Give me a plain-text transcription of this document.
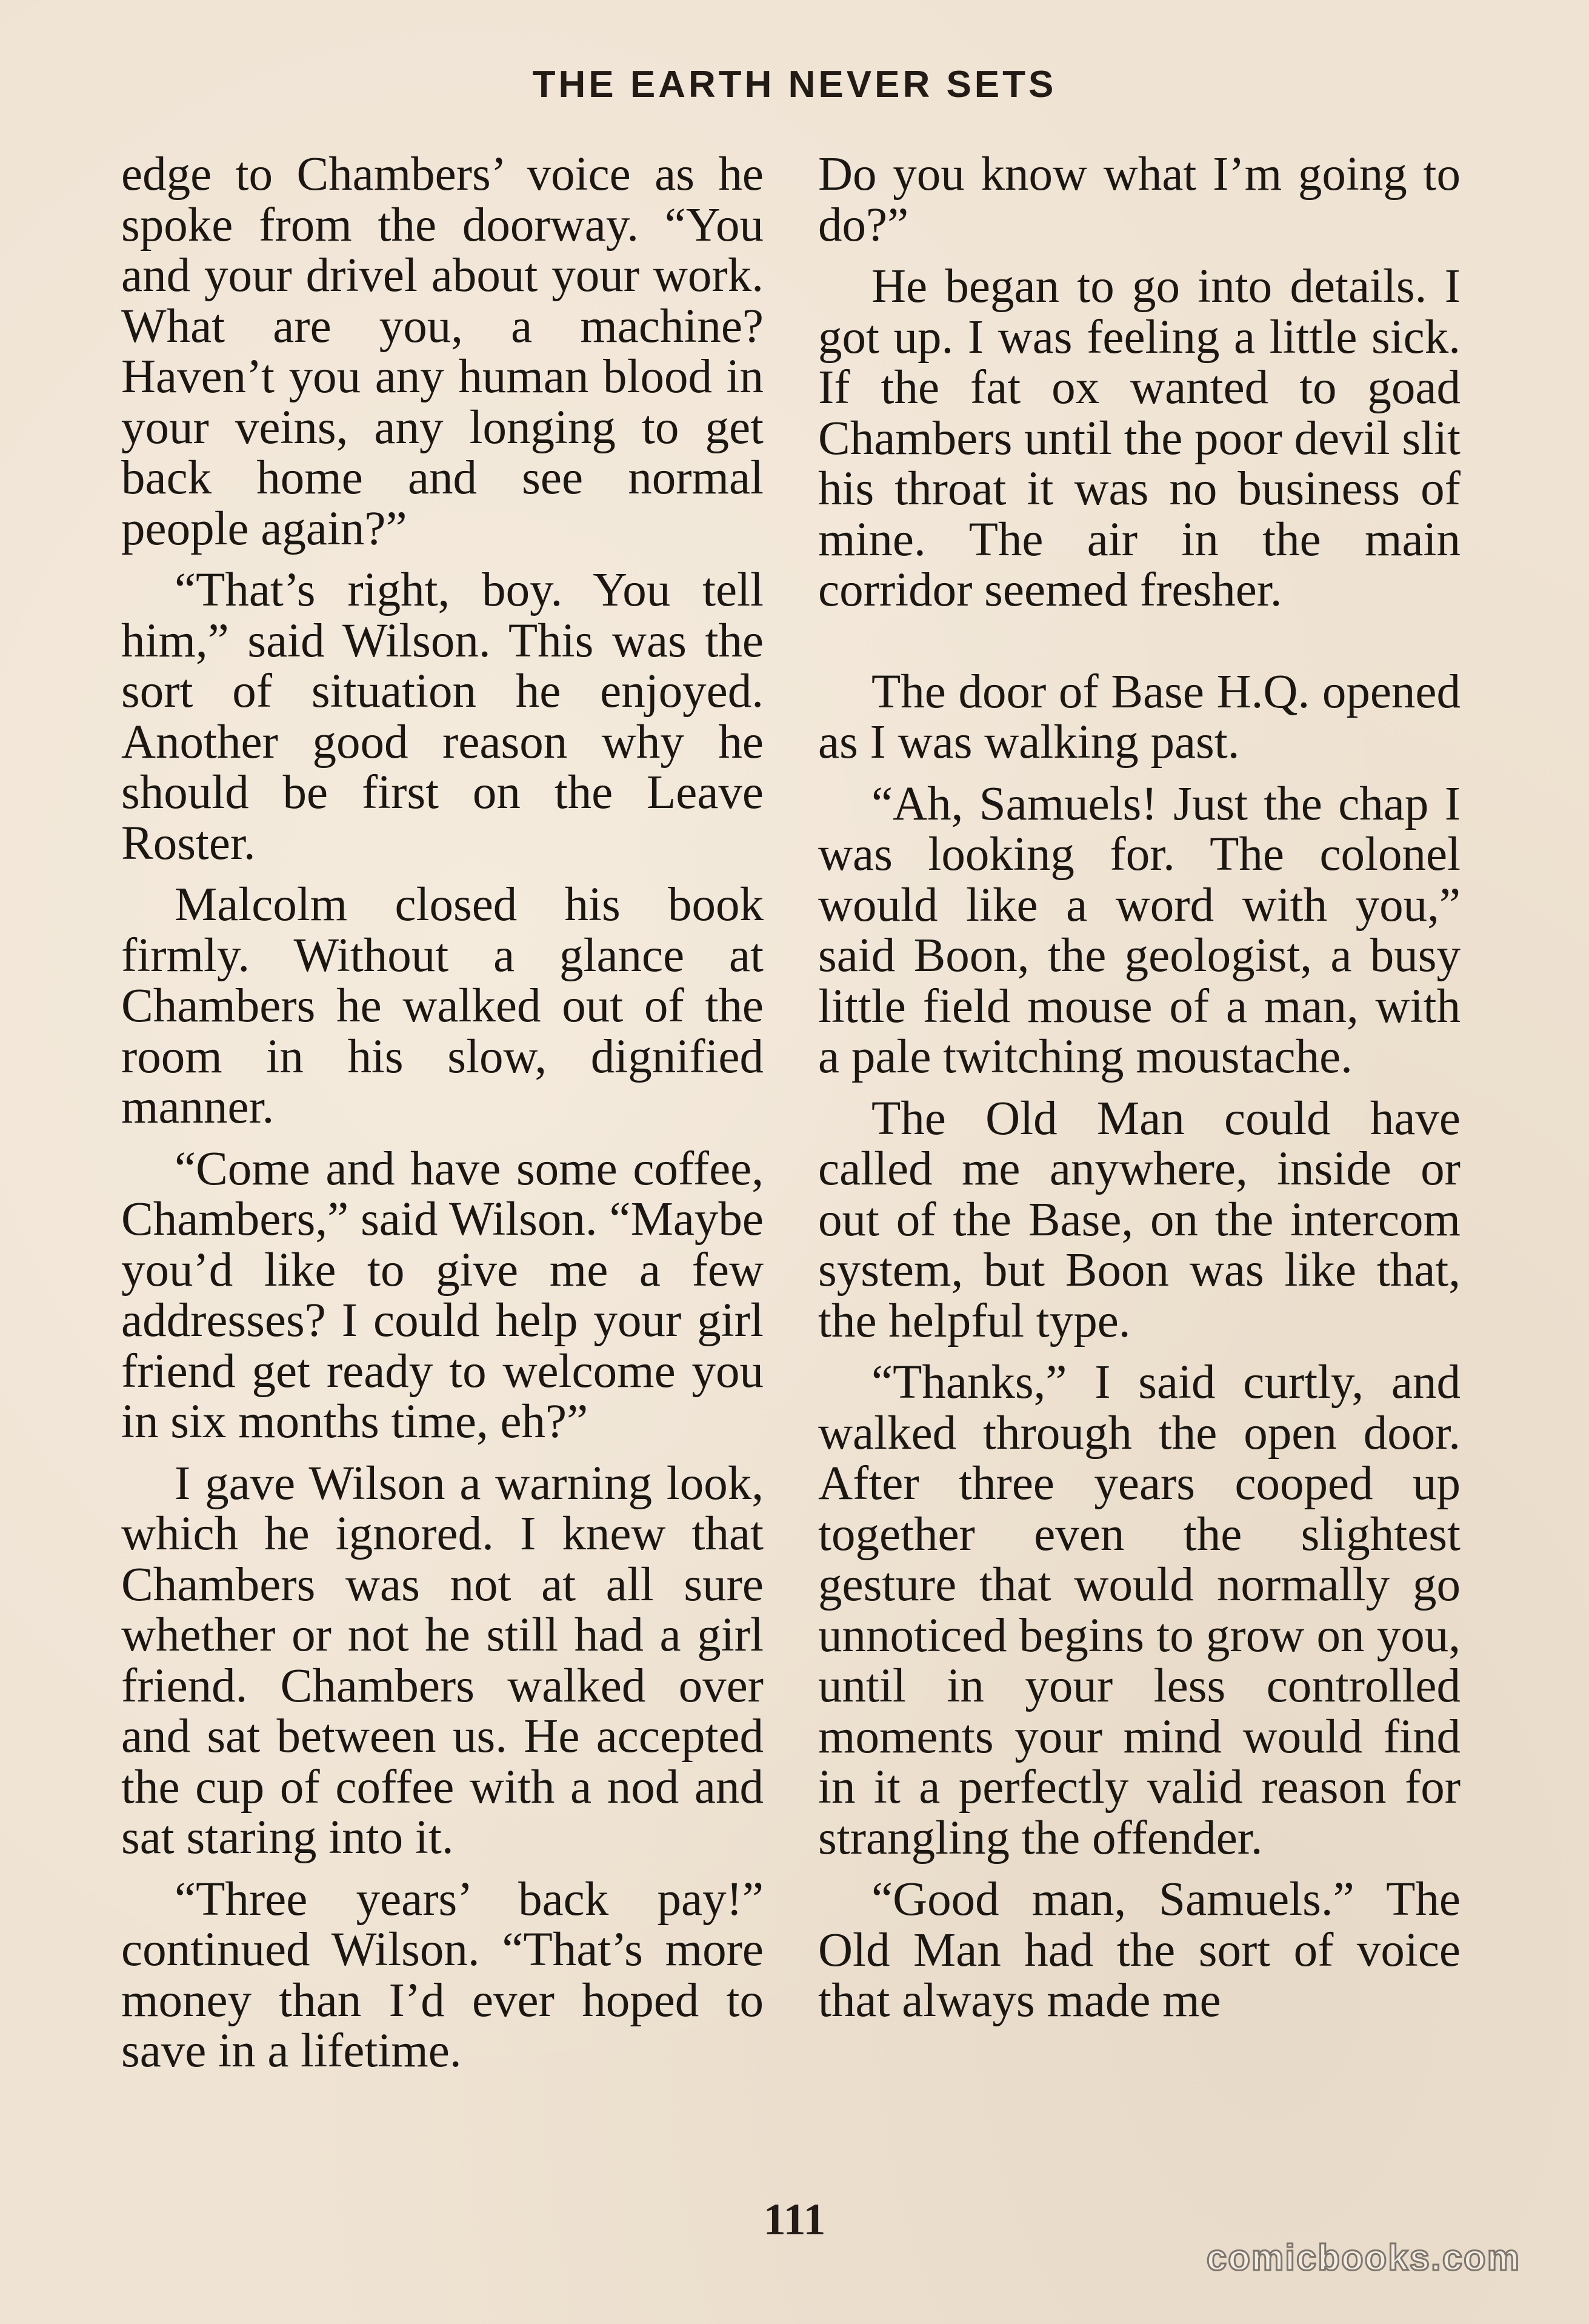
THE EARTH NEVER SETS

edge to Chambers’ voice as he spoke from the doorway. “You and your drivel about your work. What are you, a machine? Haven’t you any human blood in your veins, any longing to get back home and see normal people again?”

“That’s right, boy. You tell him,” said Wilson. This was the sort of situation he enjoyed. Another good reason why he should be first on the Leave Roster.

Malcolm closed his book firmly. Without a glance at Chambers he walked out of the room in his slow, dignified manner.

“Come and have some coffee, Chambers,” said Wilson. “Maybe you’d like to give me a few addresses? I could help your girl friend get ready to welcome you in six months time, eh?”

I gave Wilson a warning look, which he ignored. I knew that Chambers was not at all sure whether or not he still had a girl friend. Chambers walked over and sat between us. He accepted the cup of coffee with a nod and sat staring into it.

“Three years’ back pay!” continued Wilson. “That’s more money than I’d ever hoped to save in a lifetime.

Do you know what I’m going to do?”

He began to go into details. I got up. I was feeling a little sick. If the fat ox wanted to goad Chambers until the poor devil slit his throat it was no business of mine. The air in the main corridor seemed fresher.

The door of Base H.Q. opened as I was walking past.

“Ah, Samuels! Just the chap I was looking for. The colonel would like a word with you,” said Boon, the geologist, a busy little field mouse of a man, with a pale twitching moustache.

The Old Man could have called me anywhere, inside or out of the Base, on the intercom system, but Boon was like that, the helpful type.

“Thanks,” I said curtly, and walked through the open door. After three years cooped up together even the slightest gesture that would normally go unnoticed begins to grow on you, until in your less controlled moments your mind would find in it a perfectly valid reason for strangling the offender.

“Good man, Samuels.” The Old Man had the sort of voice that always made me

111
comicbooks.com
